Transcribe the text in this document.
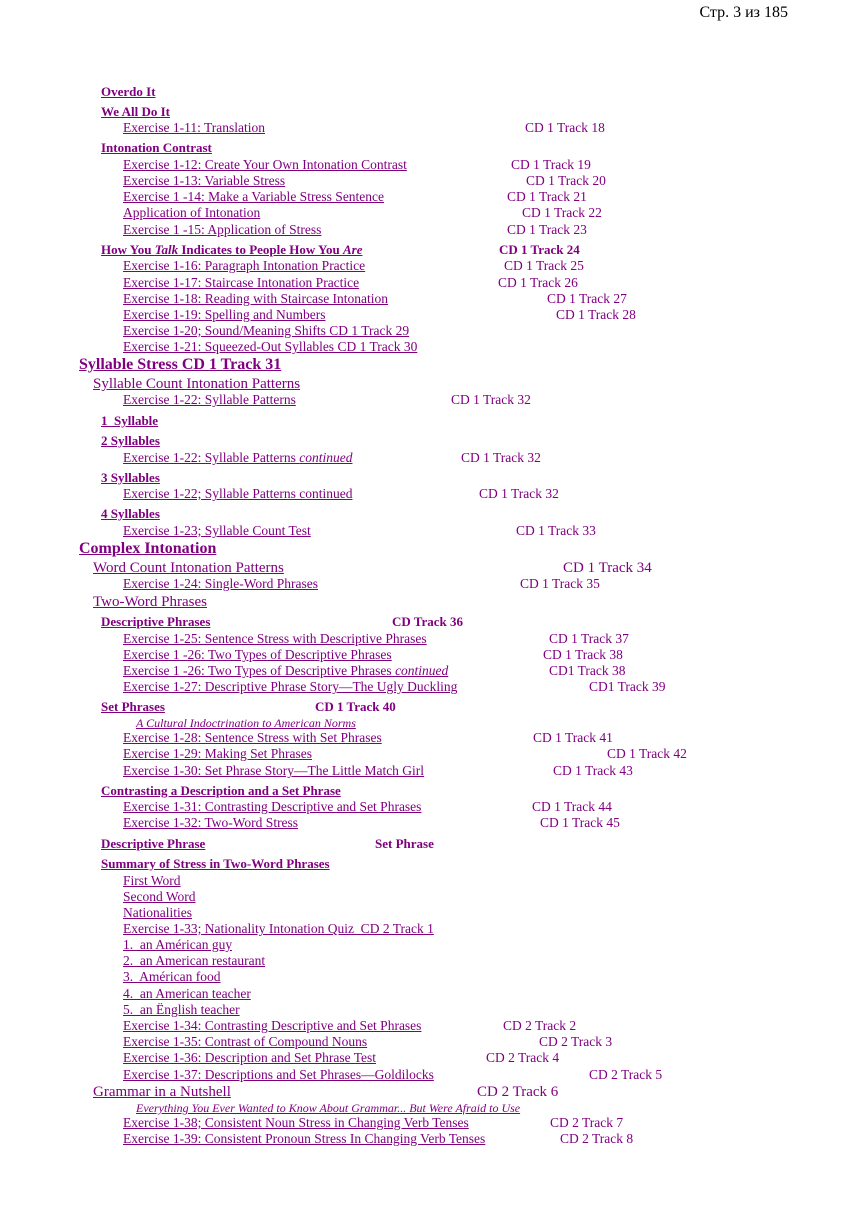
Стр. 3 из 185
Overdo It
We All Do It
Exercise 1-11: Translation	CD 1 Track 18
Intonation Contrast
Exercise 1-12: Create Your Own Intonation Contrast	CD 1 Track 19
Exercise 1-13: Variable Stress	CD 1 Track 20
Exercise 1 -14: Make a Variable Stress Sentence	CD 1 Track 21
Application of Intonation	CD 1 Track 22
Exercise 1 -15: Application of Stress	CD 1 Track 23
How You Talk Indicates to People How You Are	CD 1 Track 24
Exercise 1-16: Paragraph Intonation Practice	CD 1 Track 25
Exercise 1-17: Staircase Intonation Practice	CD 1 Track 26
Exercise 1-18: Reading with Staircase Intonation	CD 1 Track 27
Exercise 1-19: Spelling and Numbers	CD 1 Track 28
Exercise 1-20; Sound/Meaning Shifts CD 1 Track 29
Exercise 1-21: Squeezed-Out Syllables CD 1 Track 30
Syllable Stress CD 1 Track 31
Syllable Count Intonation Patterns
Exercise 1-22: Syllable Patterns	CD 1 Track 32
1  Syllable
2 Syllables
Exercise 1-22: Syllable Patterns continued	CD 1 Track 32
3 Syllables
Exercise 1-22; Syllable Patterns continued	CD 1 Track 32
4 Syllables
Exercise 1-23; Syllable Count Test	CD 1 Track 33
Complex Intonation
Word Count Intonation Patterns	CD 1 Track 34
Exercise 1-24: Single-Word Phrases	CD 1 Track 35
Two-Word Phrases
Descriptive Phrases	CD Track 36
Exercise 1-25: Sentence Stress with Descriptive Phrases	CD 1 Track 37
Exercise 1 -26: Two Types of Descriptive Phrases	CD 1 Track 38
Exercise 1 -26: Two Types of Descriptive Phrases continued	CD1 Track 38
Exercise 1-27: Descriptive Phrase Story—The Ugly Duckling	CD1 Track 39
Set Phrases	CD 1 Track 40
A Cultural Indoctrination to American Norms
Exercise 1-28: Sentence Stress with Set Phrases	CD 1 Track 41
Exercise 1-29: Making Set Phrases	CD 1 Track 42
Exercise 1-30: Set Phrase Story—The Little Match Girl	CD 1 Track 43
Contrasting a Description and a Set Phrase
Exercise 1-31: Contrasting Descriptive and Set Phrases	CD 1 Track 44
Exercise 1-32: Two-Word Stress	CD 1 Track 45
Descriptive Phrase	Set Phrase
Summary of Stress in Two-Word Phrases
First Word
Second Word
Nationalities
Exercise 1-33; Nationality Intonation Quiz  CD 2 Track 1
1.  an Américan guy
2.  an American restaurant
3.  Américan food
4.  an American teacher
5.  an Ënglish teacher
Exercise 1-34: Contrasting Descriptive and Set Phrases	CD 2 Track 2
Exercise 1-35: Contrast of Compound Nouns	CD 2 Track 3
Exercise 1-36: Description and Set Phrase Test	CD 2 Track 4
Exercise 1-37: Descriptions and Set Phrases—Goldilocks	CD 2 Track 5
Grammar in a Nutshell	CD 2 Track 6
Everything You Ever Wanted to Know About Grammar... But Were Afraid to Use
Exercise 1-38; Consistent Noun Stress in Changing Verb Tenses	CD 2 Track 7
Exercise 1-39: Consistent Pronoun Stress In Changing Verb Tenses	CD 2 Track 8
